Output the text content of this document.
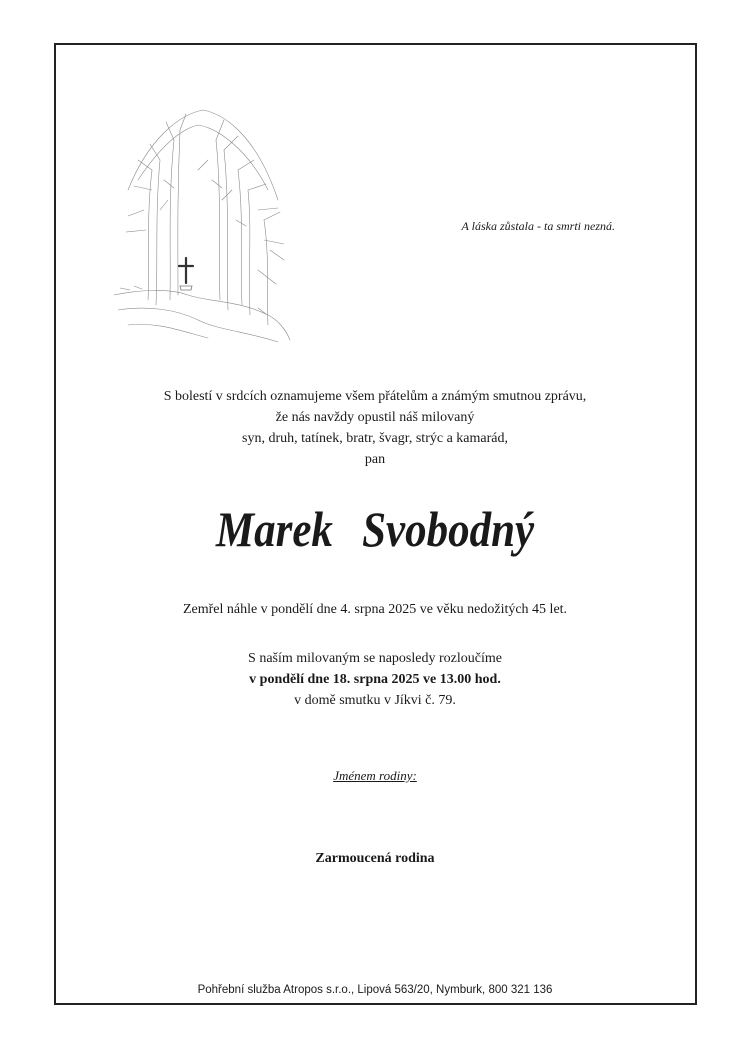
A láska zůstala - ta smrti nezná.
S bolestí v srdcích oznamujeme všem přátelům a známým smutnou zprávu,
že nás navždy opustil náš milovaný
syn, druh, tatínek, bratr, švagr, strýc a kamarád,
pan
Marek Svobodný
Zemřel náhle v pondělí dne 4. srpna 2025 ve věku nedožitých 45 let.
S naším milovaným se naposledy rozloučíme
v pondělí dne 18. srpna 2025 ve 13.00 hod.
v domě smutku v Jíkvi č. 79.
Jménem rodiny:
Zarmoucená rodina
Pohřební služba Atropos s.r.o., Lipová 563/20, Nymburk, 800 321 136
